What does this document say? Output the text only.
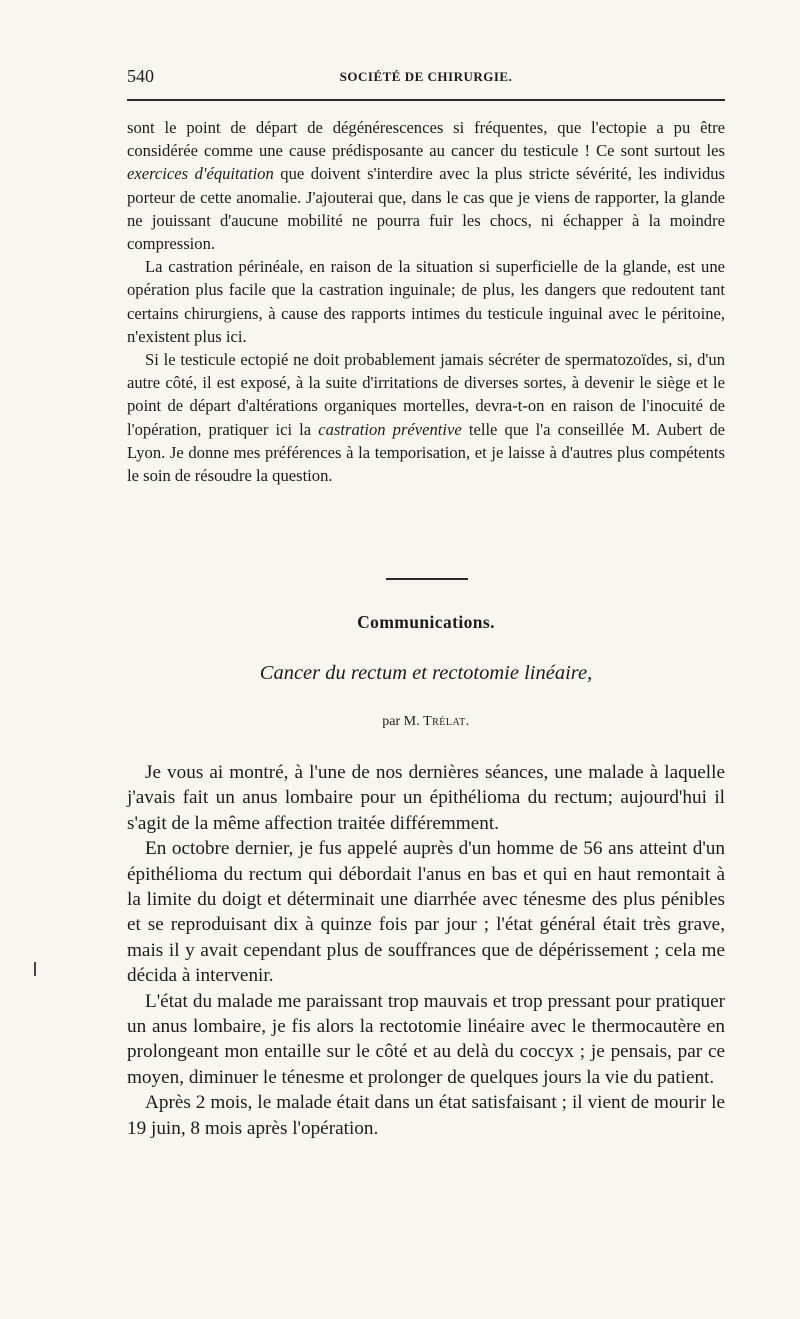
540	SOCIÉTÉ DE CHIRURGIE.

sont le point de départ de dégénérescences si fréquentes, que l'ectopie a pu être considérée comme une cause prédisposante au cancer du testicule ! Ce sont surtout les exercices d'équitation que doivent s'interdire avec la plus stricte sévérité, les individus porteur de cette anomalie. J'ajouterai que, dans le cas que je viens de rapporter, la glande ne jouissant d'aucune mobilité ne pourra fuir les chocs, ni échapper à la moindre compression.

La castration périnéale, en raison de la situation si superficielle de la glande, est une opération plus facile que la castration inguinale; de plus, les dangers que redoutent tant certains chirurgiens, à cause des rapports intimes du testicule inguinal avec le péritoine, n'existent plus ici.

Si le testicule ectopié ne doit probablement jamais sécréter de spermatozoïdes, si, d'un autre côté, il est exposé, à la suite d'irritations de diverses sortes, à devenir le siège et le point de départ d'altérations organiques mortelles, devra-t-on en raison de l'inocuité de l'opération, pratiquer ici la castration préventive telle que l'a conseillée M. Aubert de Lyon. Je donne mes préférences à la temporisation, et je laisse à d'autres plus compétents le soin de résoudre la question.

Communications.
Cancer du rectum et rectotomie linéaire,
par M. Trélat.

Je vous ai montré, à l'une de nos dernières séances, une malade à laquelle j'avais fait un anus lombaire pour un épithélioma du rectum; aujourd'hui il s'agit de la même affection traitée différemment.

En octobre dernier, je fus appelé auprès d'un homme de 56 ans atteint d'un épithélioma du rectum qui débordait l'anus en bas et qui en haut remontait à la limite du doigt et déterminait une diarrhée avec ténesme des plus pénibles et se reproduisant dix à quinze fois par jour ; l'état général était très grave, mais il y avait cependant plus de souffrances que de dépérissement ; cela me décida à intervenir.

L'état du malade me paraissant trop mauvais et trop pressant pour pratiquer un anus lombaire, je fis alors la rectotomie linéaire avec le thermocautère en prolongeant mon entaille sur le côté et au delà du coccyx ; je pensais, par ce moyen, diminuer le ténesme et prolonger de quelques jours la vie du patient.

Après 2 mois, le malade était dans un état satisfaisant ; il vient de mourir le 19 juin, 8 mois après l'opération.
